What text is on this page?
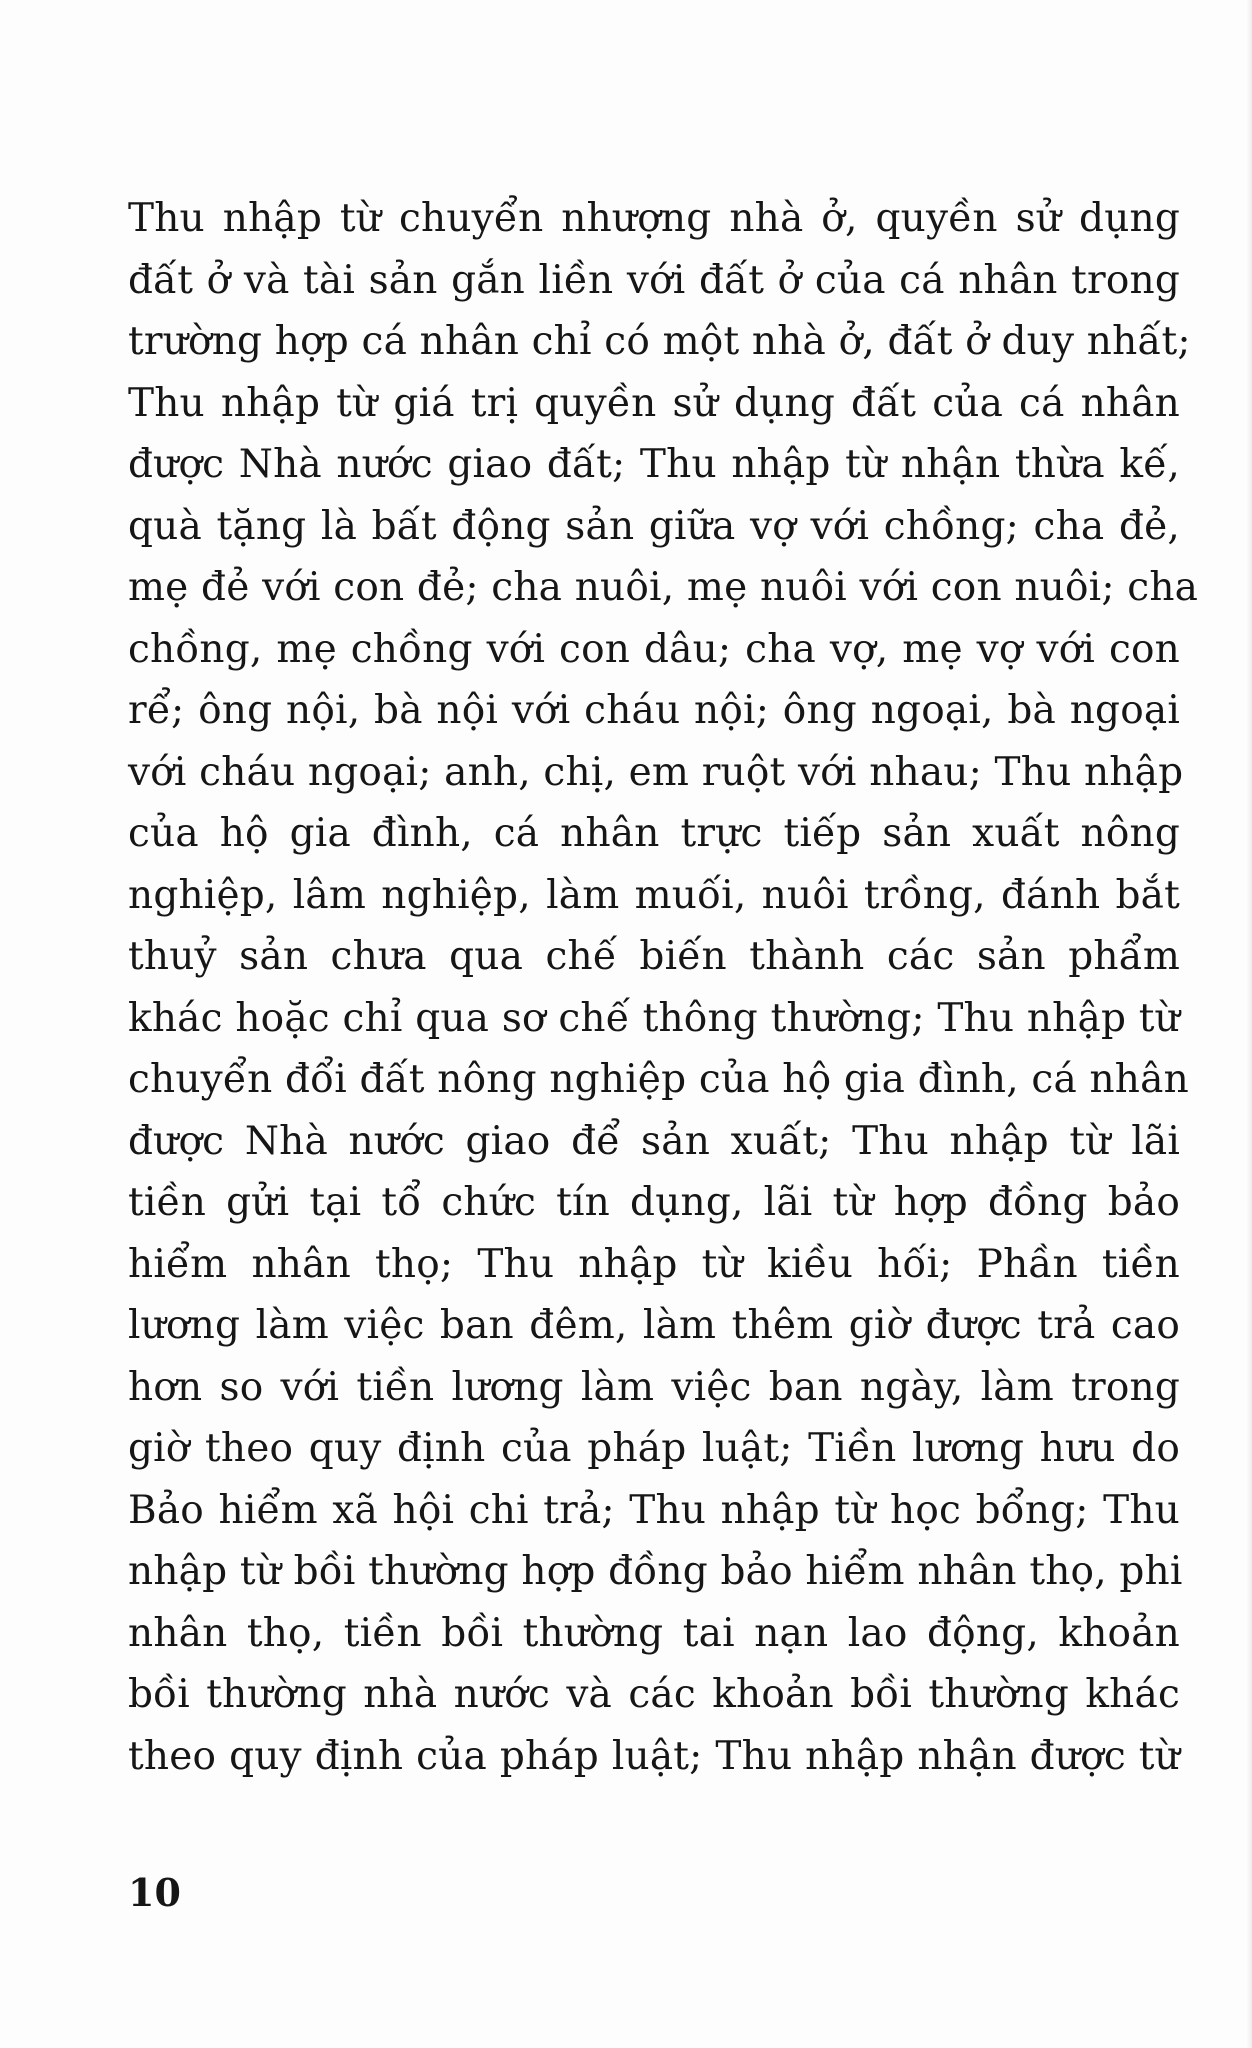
Thu nhập từ chuyển nhượng nhà ở, quyền sử dụng
đất ở và tài sản gắn liền với đất ở của cá nhân trong
trường hợp cá nhân chỉ có một nhà ở, đất ở duy nhất;
Thu nhập từ giá trị quyền sử dụng đất của cá nhân
được Nhà nước giao đất; Thu nhập từ nhận thừa kế,
quà tặng là bất động sản giữa vợ với chồng; cha đẻ,
mẹ đẻ với con đẻ; cha nuôi, mẹ nuôi với con nuôi; cha
chồng, mẹ chồng với con dâu; cha vợ, mẹ vợ với con
rể; ông nội, bà nội với cháu nội; ông ngoại, bà ngoại
với cháu ngoại; anh, chị, em ruột với nhau; Thu nhập
của hộ gia đình, cá nhân trực tiếp sản xuất nông
nghiệp, lâm nghiệp, làm muối, nuôi trồng, đánh bắt
thuỷ sản chưa qua chế biến thành các sản phẩm
khác hoặc chỉ qua sơ chế thông thường; Thu nhập từ
chuyển đổi đất nông nghiệp của hộ gia đình, cá nhân
được Nhà nước giao để sản xuất; Thu nhập từ lãi
tiền gửi tại tổ chức tín dụng, lãi từ hợp đồng bảo
hiểm nhân thọ; Thu nhập từ kiều hối; Phần tiền
lương làm việc ban đêm, làm thêm giờ được trả cao
hơn so với tiền lương làm việc ban ngày, làm trong
giờ theo quy định của pháp luật; Tiền lương hưu do
Bảo hiểm xã hội chi trả; Thu nhập từ học bổng; Thu
nhập từ bồi thường hợp đồng bảo hiểm nhân thọ, phi
nhân thọ, tiền bồi thường tai nạn lao động, khoản
bồi thường nhà nước và các khoản bồi thường khác
theo quy định của pháp luật; Thu nhập nhận được từ
10
